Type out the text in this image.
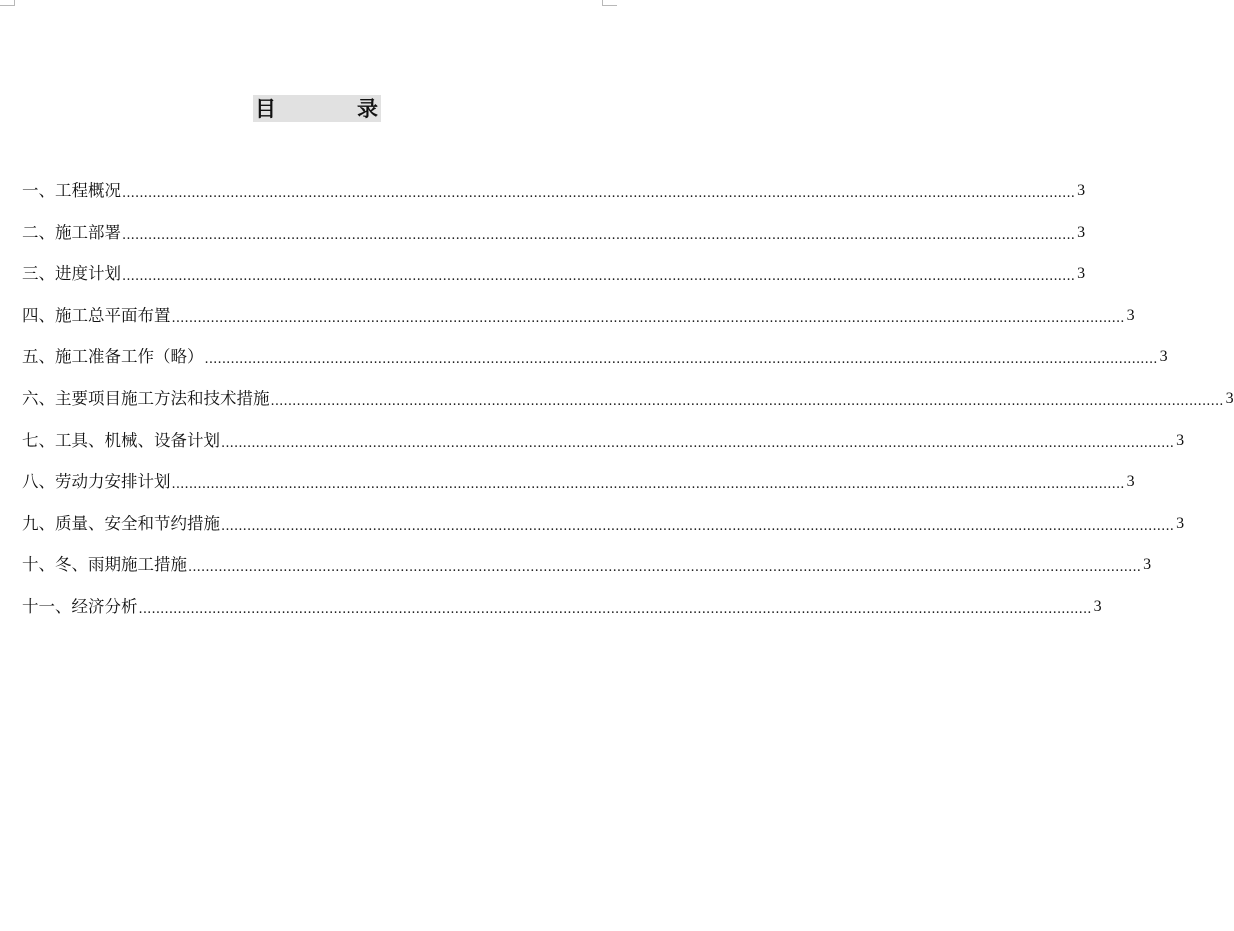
目	录
一、 工程概况 ............................................................................................................................................................................................................................ 3
二、 施工部署 ............................................................................................................................................................................................................................ 3
三、 进度计划 ............................................................................................................................................................................................................................ 3
四、 施工总平面布置 ............................................................................................................................................................................................................................ 3
五、 施工准备工作（略） ............................................................................................................................................................................................................................ 3
六、 主要项目施工方法和技术措施 ............................................................................................................................................................................................................................ 3
七、 工具、机械、设备计划 ............................................................................................................................................................................................................................ 3
八、 劳动力安排计划 ............................................................................................................................................................................................................................ 3
九、 质量、安全和节约措施 ............................................................................................................................................................................................................................ 3
十、 冬、雨期施工措施 ............................................................................................................................................................................................................................ 3
十一、 经济分析 ............................................................................................................................................................................................................................ 3
